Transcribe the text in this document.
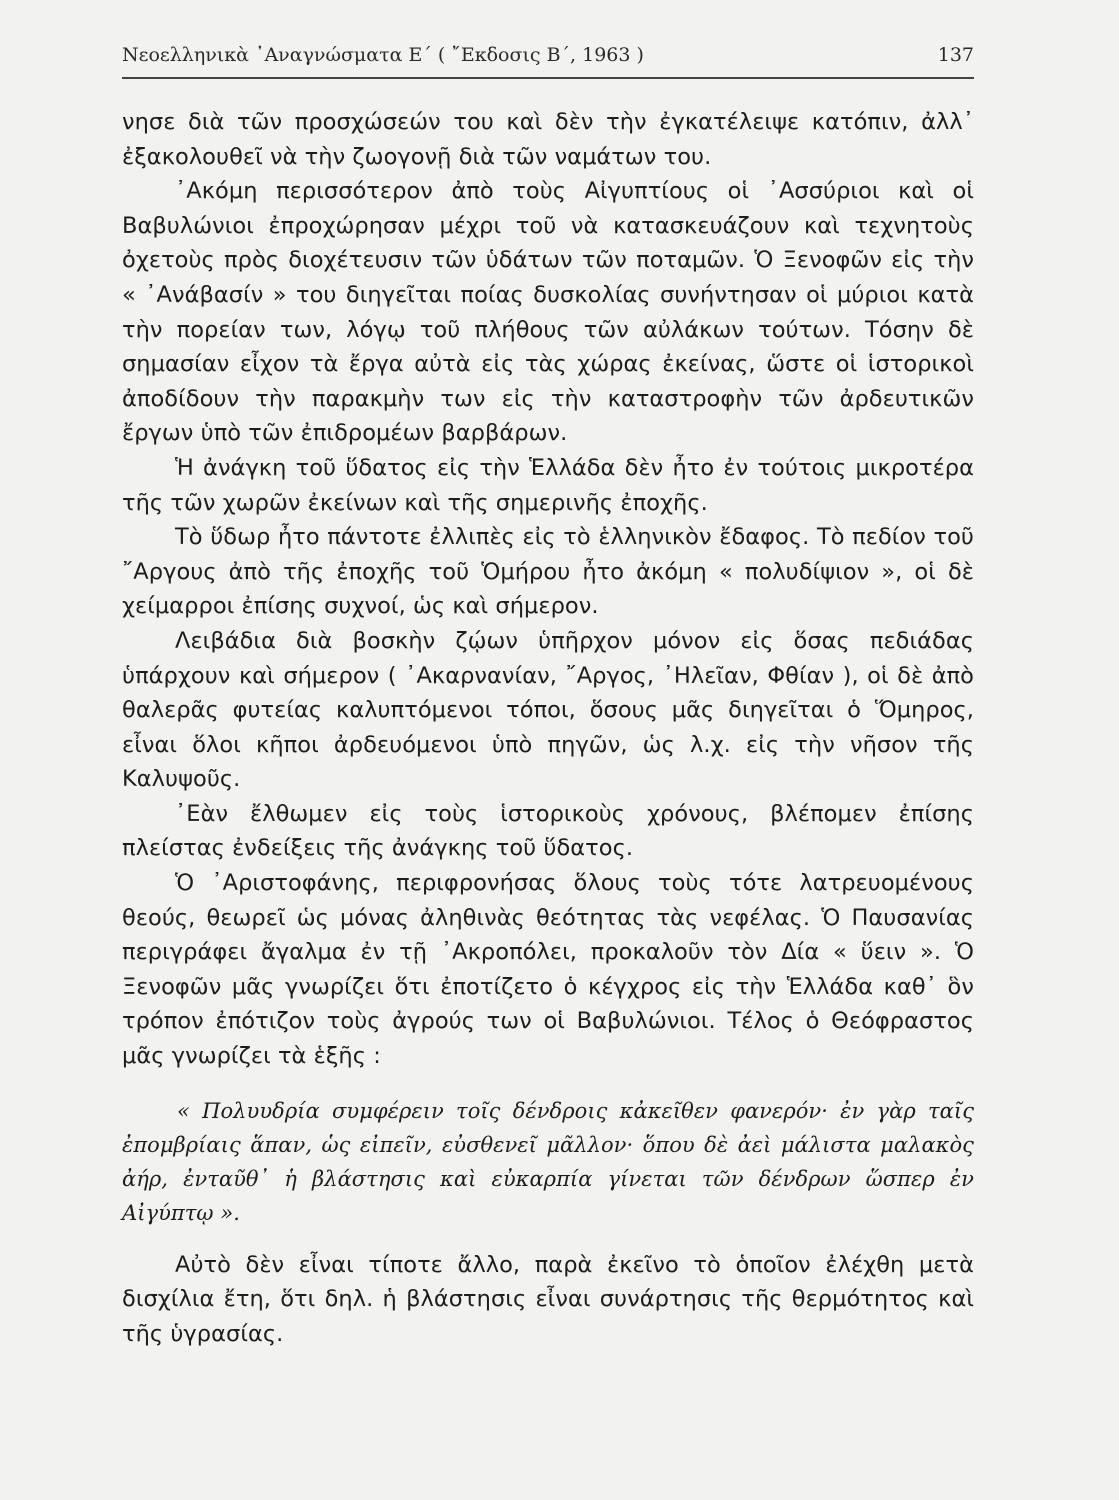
Νεοελληνικὰ ᾿Αναγνώσματα Ε΄ ( ῎Εκδοσις Β΄, 1963 )	137

νησε διὰ τῶν προσχώσεών του καὶ δὲν τὴν ἐγκατέλειψε κατόπιν, ἀλλ᾽ ἐξακολουθεῖ νὰ τὴν ζωογονῇ διὰ τῶν ναμάτων του.

᾿Ακόμη περισσότερον ἀπὸ τοὺς Αἰγυπτίους οἱ ᾿Ασσύριοι καὶ οἱ Βαβυλώνιοι ἐπροχώρησαν μέχρι τοῦ νὰ κατασκευάζουν καὶ τεχνητοὺς ὀχετοὺς πρὸς διοχέτευσιν τῶν ὑδάτων τῶν ποταμῶν. Ὁ Ξενοφῶν εἰς τὴν « ᾿Ανάβασίν » του διηγεῖται ποίας δυσκολίας συνήντησαν οἱ μύριοι κατὰ τὴν πορείαν των, λόγῳ τοῦ πλήθους τῶν αὐλάκων τούτων. Τόσην δὲ σημασίαν εἶχον τὰ ἔργα αὐτὰ εἰς τὰς χώρας ἐκείνας, ὥστε οἱ ἱστορικοὶ ἀποδίδουν τὴν παρακμὴν των εἰς τὴν καταστροφὴν τῶν ἀρδευτικῶν ἔργων ὑπὸ τῶν ἐπιδρομέων βαρβάρων.

Ἡ ἀνάγκη τοῦ ὕδατος εἰς τὴν Ἑλλάδα δὲν ἦτο ἐν τούτοις μικροτέρα τῆς τῶν χωρῶν ἐκείνων καὶ τῆς σημερινῆς ἐποχῆς.

Τὸ ὕδωρ ἦτο πάντοτε ἐλλιπὲς εἰς τὸ ἑλληνικὸν ἔδαφος. Τὸ πεδίον τοῦ ῎Αργους ἀπὸ τῆς ἐποχῆς τοῦ Ὁμήρου ἦτο ἀκόμη « πολυδίψιον », οἱ δὲ χείμαρροι ἐπίσης συχνοί, ὡς καὶ σήμερον.

Λειβάδια διὰ βοσκὴν ζῴων ὑπῆρχον μόνον εἰς ὅσας πεδιάδας ὑπάρχουν καὶ σήμερον ( ᾿Ακαρνανίαν, ῎Αργος, ᾿Ηλεῖαν, Φθίαν ), οἱ δὲ ἀπὸ θαλερᾶς φυτείας καλυπτόμενοι τόποι, ὅσους μᾶς διηγεῖται ὁ Ὅμηρος, εἶναι ὅλοι κῆποι ἀρδευόμενοι ὑπὸ πηγῶν, ὡς λ.χ. εἰς τὴν νῆσον τῆς Καλυψοῦς.

᾿Εὰν ἔλθωμεν εἰς τοὺς ἱστορικοὺς χρόνους, βλέπομεν ἐπίσης πλείστας ἐνδείξεις τῆς ἀνάγκης τοῦ ὕδατος.

Ὁ ᾿Αριστοφάνης, περιφρονήσας ὅλους τοὺς τότε λατρευομένους θεούς, θεωρεῖ ὡς μόνας ἀληθινὰς θεότητας τὰς νεφέλας. Ὁ Παυσανίας περιγράφει ἄγαλμα ἐν τῇ ᾿Ακροπόλει, προκαλοῦν τὸν Δία « ὕειν ». Ὁ Ξενοφῶν μᾶς γνωρίζει ὅτι ἐποτίζετο ὁ κέγχρος εἰς τὴν Ἑλλάδα καθ᾽ ὃν τρόπον ἐπότιζον τοὺς ἀγρούς των οἱ Βαβυλώνιοι. Τέλος ὁ Θεόφραστος μᾶς γνωρίζει τὰ ἑξῆς :

« Πολυυδρία συμφέρειν τοῖς δένδροις κἀκεῖθεν φανερόν· ἐν γὰρ ταῖς ἐπομβρίαις ἅπαν, ὡς εἰπεῖν, εὐσθενεῖ μᾶλλον· ὅπου δὲ ἀεὶ μάλιστα μαλακὸς ἀήρ, ἐνταῦθ᾽ ἡ βλάστησις καὶ εὐκαρπία γίνεται τῶν δένδρων ὥσπερ ἐν Αἰγύπτῳ ».

Αὐτὸ δὲν εἶναι τίποτε ἄλλο, παρὰ ἐκεῖνο τὸ ὁποῖον ἐλέχθη μετὰ δισχίλια ἔτη, ὅτι δηλ. ἡ βλάστησις εἶναι συνάρτησις τῆς θερμότητος καὶ τῆς ὑγρασίας.
